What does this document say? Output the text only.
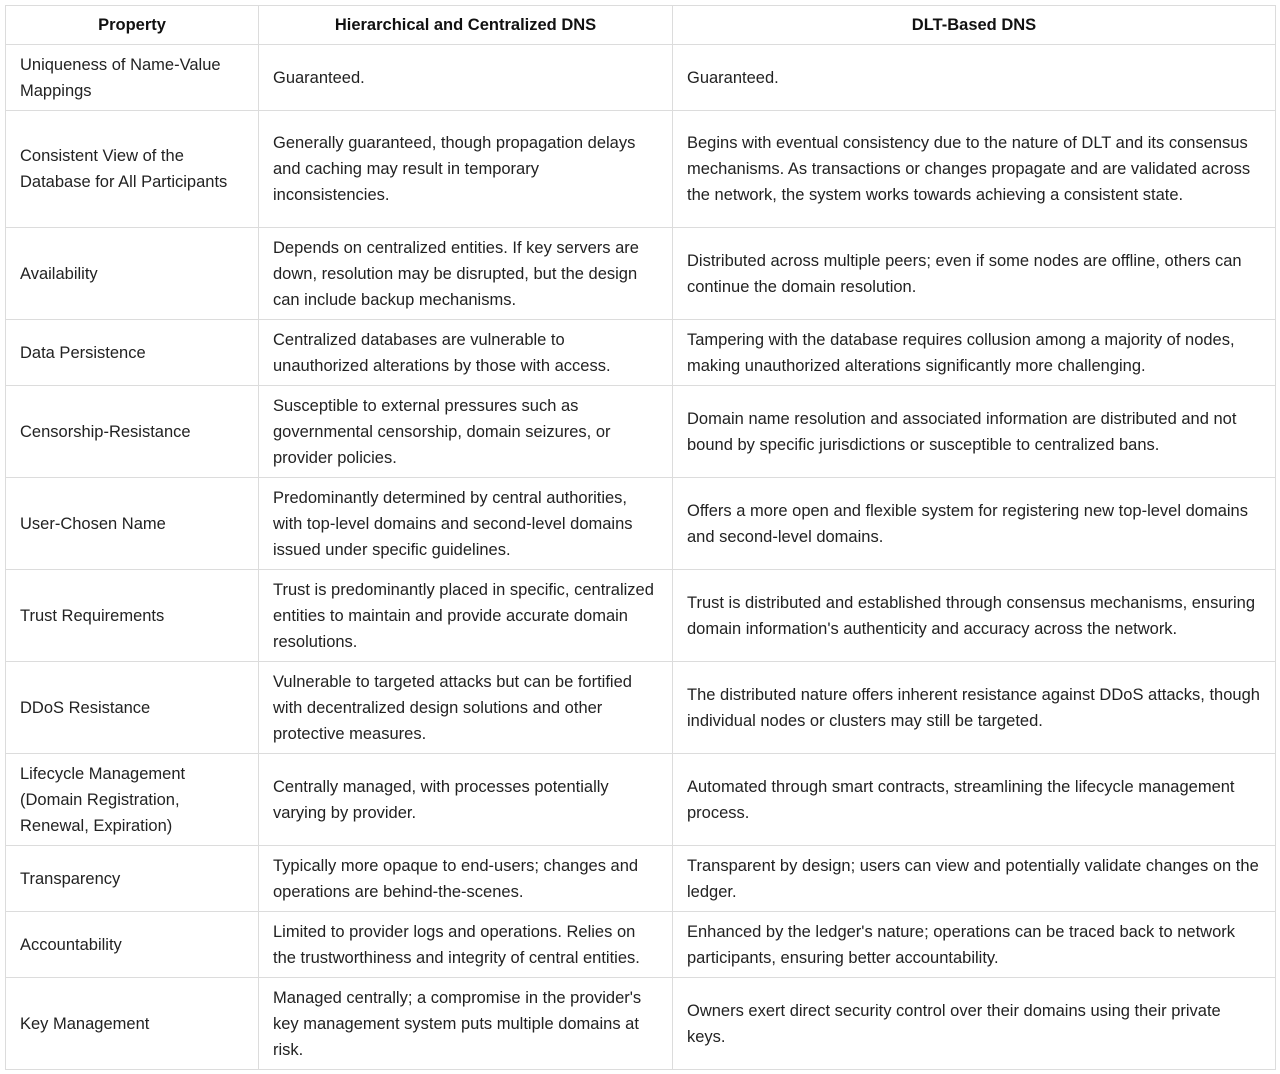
Property	Hierarchical and Centralized DNS	DLT-Based DNS
Uniqueness of Name-Value Mappings	Guaranteed.	Guaranteed.
Consistent View of the Database for All Participants	Generally guaranteed, though propagation delays and caching may result in temporary inconsistencies.	Begins with eventual consistency due to the nature of DLT and its consensus mechanisms. As transactions or changes propagate and are validated across the network, the system works towards achieving a consistent state.
Availability	Depends on centralized entities. If key servers are down, resolution may be disrupted, but the design can include backup mechanisms.	Distributed across multiple peers; even if some nodes are offline, others can continue the domain resolution.
Data Persistence	Centralized databases are vulnerable to unauthorized alterations by those with access.	Tampering with the database requires collusion among a majority of nodes, making unauthorized alterations significantly more challenging.
Censorship-Resistance	Susceptible to external pressures such as governmental censorship, domain seizures, or provider policies.	Domain name resolution and associated information are distributed and not bound by specific jurisdictions or susceptible to centralized bans.
User-Chosen Name	Predominantly determined by central authorities, with top-level domains and second-level domains issued under specific guidelines.	Offers a more open and flexible system for registering new top-level domains and second-level domains.
Trust Requirements	Trust is predominantly placed in specific, centralized entities to maintain and provide accurate domain resolutions.	Trust is distributed and established through consensus mechanisms, ensuring domain information's authenticity and accuracy across the network.
DDoS Resistance	Vulnerable to targeted attacks but can be fortified with decentralized design solutions and other protective measures.	The distributed nature offers inherent resistance against DDoS attacks, though individual nodes or clusters may still be targeted.
Lifecycle Management (Domain Registration, Renewal, Expiration)	Centrally managed, with processes potentially varying by provider.	Automated through smart contracts, streamlining the lifecycle management process.
Transparency	Typically more opaque to end-users; changes and operations are behind-the-scenes.	Transparent by design; users can view and potentially validate changes on the ledger.
Accountability	Limited to provider logs and operations. Relies on the trustworthiness and integrity of central entities.	Enhanced by the ledger's nature; operations can be traced back to network participants, ensuring better accountability.
Key Management	Managed centrally; a compromise in the provider's key management system puts multiple domains at risk.	Owners exert direct security control over their domains using their private keys.
